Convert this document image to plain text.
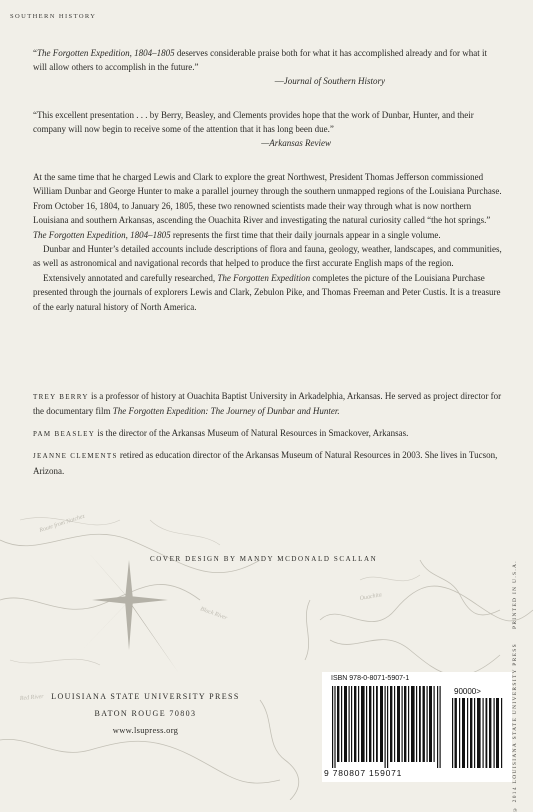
Route from Natchez
Ouachita
Red River
Black River
SOUTHERN HISTORY
“The Forgotten Expedition, 1804–1805 deserves considerable praise both for what it has accomplished already and for what it will allow others to accomplish in the future.”
—Journal of Southern History
“This excellent presentation . . . by Berry, Beasley, and Clements provides hope that the work of Dunbar, Hunter, and their company will now begin to receive some of the attention that it has long been due.”
—Arkansas Review

At the same time that he charged Lewis and Clark to explore the great Northwest, President Thomas Jefferson commissioned William Dunbar and George Hunter to make a parallel journey through the southern unmapped regions of the Louisiana Purchase. From October 16, 1804, to January 26, 1805, these two renowned scientists made their way through what is now northern Louisiana and southern Arkansas, ascending the Ouachita River and investigating the natural curiosity called “the hot springs.” The Forgotten Expedition, 1804–1805 represents the first time that their daily journals appear in a single volume.

Dunbar and Hunter’s detailed accounts include descriptions of flora and fauna, geology, weather, landscapes, and communities, as well as astronomical and navigational records that helped to produce the first accurate English maps of the region.

Extensively annotated and carefully researched, The Forgotten Expedition completes the picture of the Louisiana Purchase presented through the journals of explorers Lewis and Clark, Zebulon Pike, and Thomas Freeman and Peter Custis. It is a treasure of the early natural history of North America.

TREY BERRY is a professor of history at Ouachita Baptist University in Arkadelphia, Arkansas. He served as project director for the documentary film The Forgotten Expedition: The Journey of Dunbar and Hunter.

PAM BEASLEY is the director of the Arkansas Museum of Natural Resources in Smackover, Arkansas.

JEANNE CLEMENTS retired as education director of the Arkansas Museum of Natural Resources in 2003. She lives in Tucson, Arizona.

COVER DESIGN BY MANDY MCDONALD SCALLAN
LOUISIANA STATE UNIVERSITY PRESS
BATON ROUGE 70803
www.lsupress.org
ISBN 978-0-8071-5907-1
90000>
9 780807 159071	© 2014 LOUISIANA STATE UNIVERSITY PRESSPRINTED IN U.S.A.
